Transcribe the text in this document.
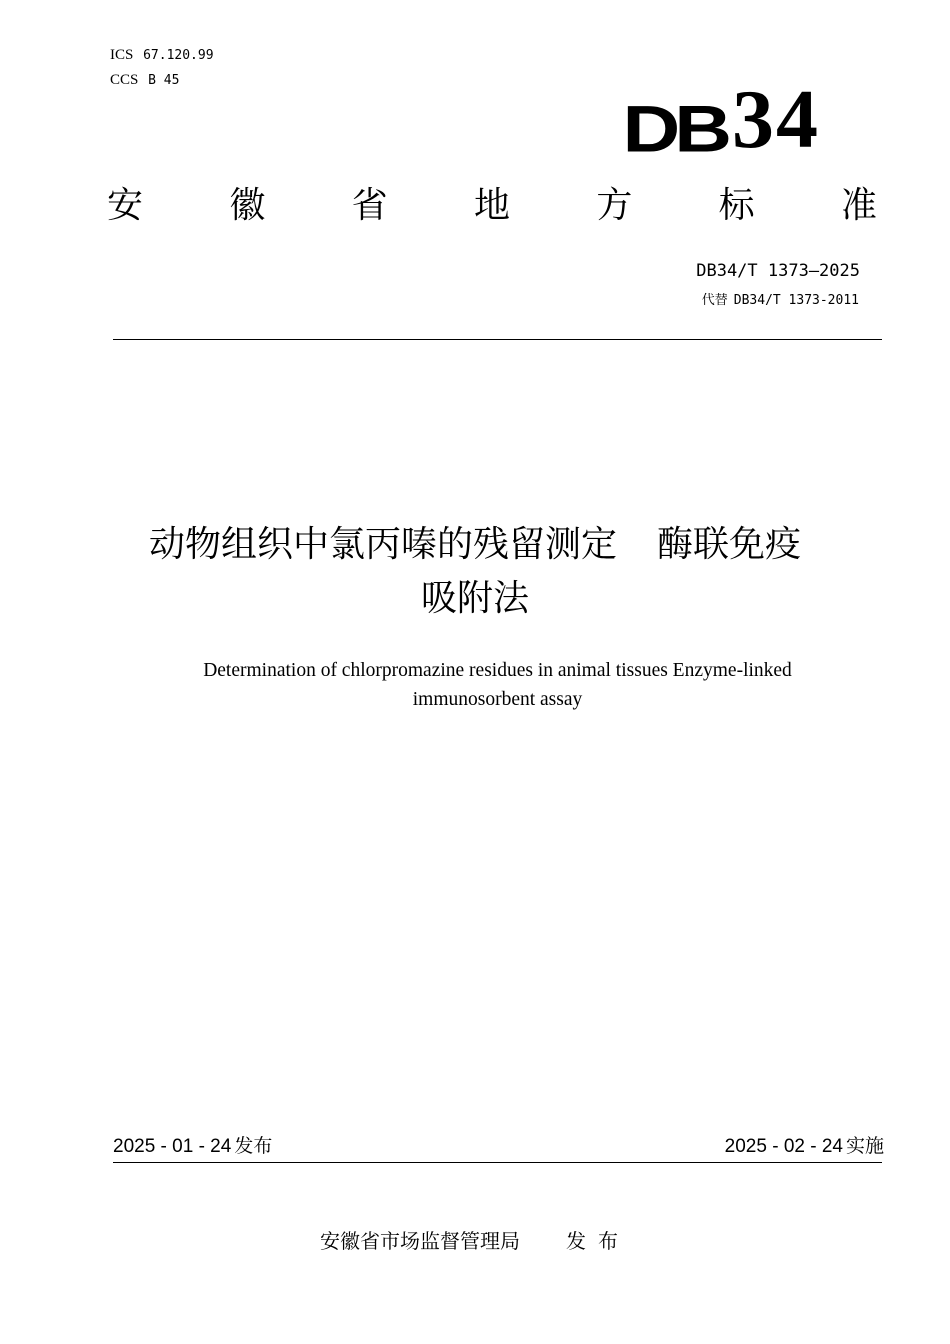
ICS 67.120.99
CCS B 45
DB 34
安 徽 省 地 方 标 准
DB34/T 1373—2025
代替 DB34/T 1373-2011
动物组织中氯丙嗪的残留测定 酶联免疫
吸附法
Determination of chlorpromazine residues in animal tissues Enzyme-linked
immunosorbent assay
2025 - 01 - 24 发布	2025 - 02 - 24 实施
安徽省市场监督管理局 发布
